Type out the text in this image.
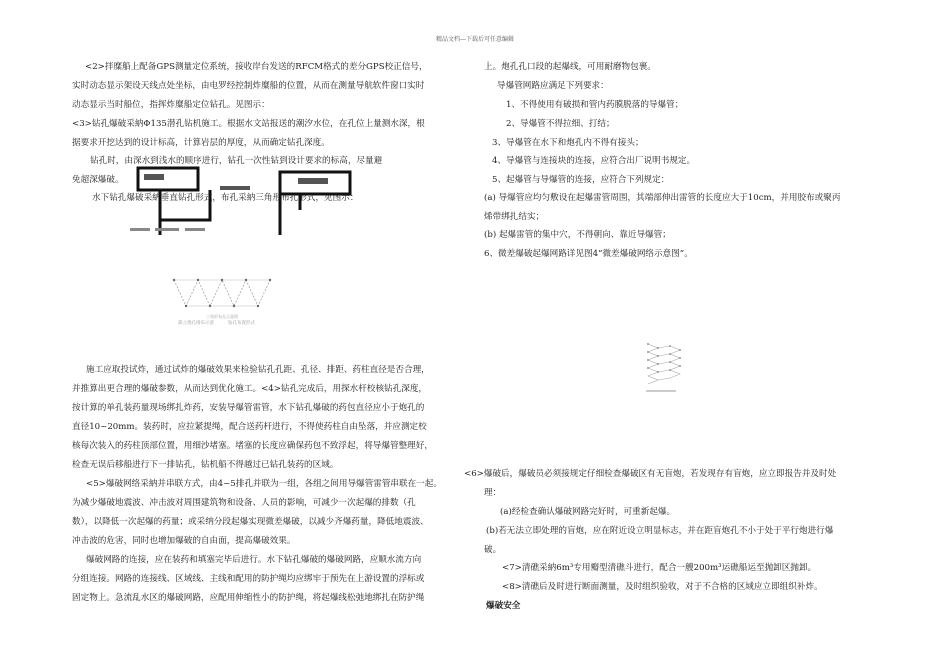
精品文档---下载后可任意编辑
<2>拌糜船上配备GPS测量定位系统，接收岸台发送的RFCM格式的差分GPS校正信号，
实时动态显示架设天线点处坐标，由电罗经控制炸糜船的位置，从而在测量导航软件窗口实时
动态显示当时船位，指挥炸糜船定位钻孔。见图示：
<3>钻孔爆破采納Φ135潜孔钻机施工。根据水文站报送的潮汐水位，在孔位上量测水深，根
据要求开挖达到的设计标高，计算岩层的厚度，从而确定钻孔深度。
钻孔时，由深水到浅水的顺序进行，钻孔一次性钻到设计要求的标高，尽量避
免超深爆破。
水下钻孔爆破采納垂直钻孔形式，布孔采納三角形布孔形式，见图示：
施工应取投试炸，通过试炸的爆破效果来检验钻孔孔距、孔径、排距、药柱直径是否合理，
并推算出更合理的爆破参数，从而达到优化施工。<4>钻孔完成后，用探水杆校核钻孔深度，
按计算的单孔装药量现场绑扎炸药，安装导爆管雷管，水下钻孔爆破的药包直径应小于炮孔的
直径10~20mm。装药时，应拉紧提绳，配合送药杆进行，不得使药柱自由坠落，并应测定校
核每次装入的药柱顶部位置，用细沙堵塞。堵塞的长度应确保药包不致浮起，将导爆管整理好，
检查无误后移船进行下一排钻孔，钻机船不得越过已钻孔装药的区域。
<5>爆破网络采納并串联方式，由4~5排孔并联为一组，各组之间用导爆管雷管串联在一起。
为减少爆破地震波、冲击波对周围建筑物和设备、人员的影响，可减少一次起爆的排数（孔
数），以降低一次起爆的药量；或采纳分段起爆实现微差爆破，以减少齐爆药量，降低地震波、
冲击波的危害，同时也增加爆破的自由面，提高爆破效果。
爆破网路的连接，应在装药和填塞完毕后进行。水下钻孔爆破的爆破网路，应顺水流方向
分组连接。网路的连接线、区域线、主线和配用的防护绳均应绑牢于预先在上游设置的浮标或
固定物上。急流乱水区的爆破网路，应配用伸缩性小的防护绳，将起爆线松弛地绑扎在防护绳
三角形布孔示意图
孤立炮孔排布示意	钻孔布置形式
上。炮孔孔口段的起爆线，可用耐磨物包裹。
导爆管网路应满足下列要求：
1、不得使用有破损和管内药膜脱落的导爆管；
2、导爆管不得拉细、打结；
3、导爆管在水下和炮孔内不得有接头；
4、导爆管与连接块的连接，应符合出厂说明书规定。
5、起爆管与导爆管的连接，应符合下列规定：
(a) 导爆管应均匀敷设在起爆雷管周围，其端部伸出雷管的长度应大于10cm，并用胶布或聚丙
烯带绑扎结实；
(b) 起爆雷管的集中穴，不得朝向、靠近导爆管；
6、微差爆破起爆网路详见图4“微差爆破网络示意图”。
<6>爆破后，爆破员必须接规定仔细检查爆破区有无盲炮，若发现存有盲炮，应立即报告并及时处
理：
(a)经检查确认爆破网路完好时，可重新起爆。
(b)若无法立即处理的盲炮，应在附近设立明显标志，并在距盲炮孔不小于处于平行炮进行爆
破。
<7>清礁采納6m³专用瓣型清礁斗进行，配合一艘200m³运礁船运至抛卸区抛卸。
<8>清礁后及时进行断面测量，及时组织验收，对于不合格的区域应立即组织补炸。
爆破安全
